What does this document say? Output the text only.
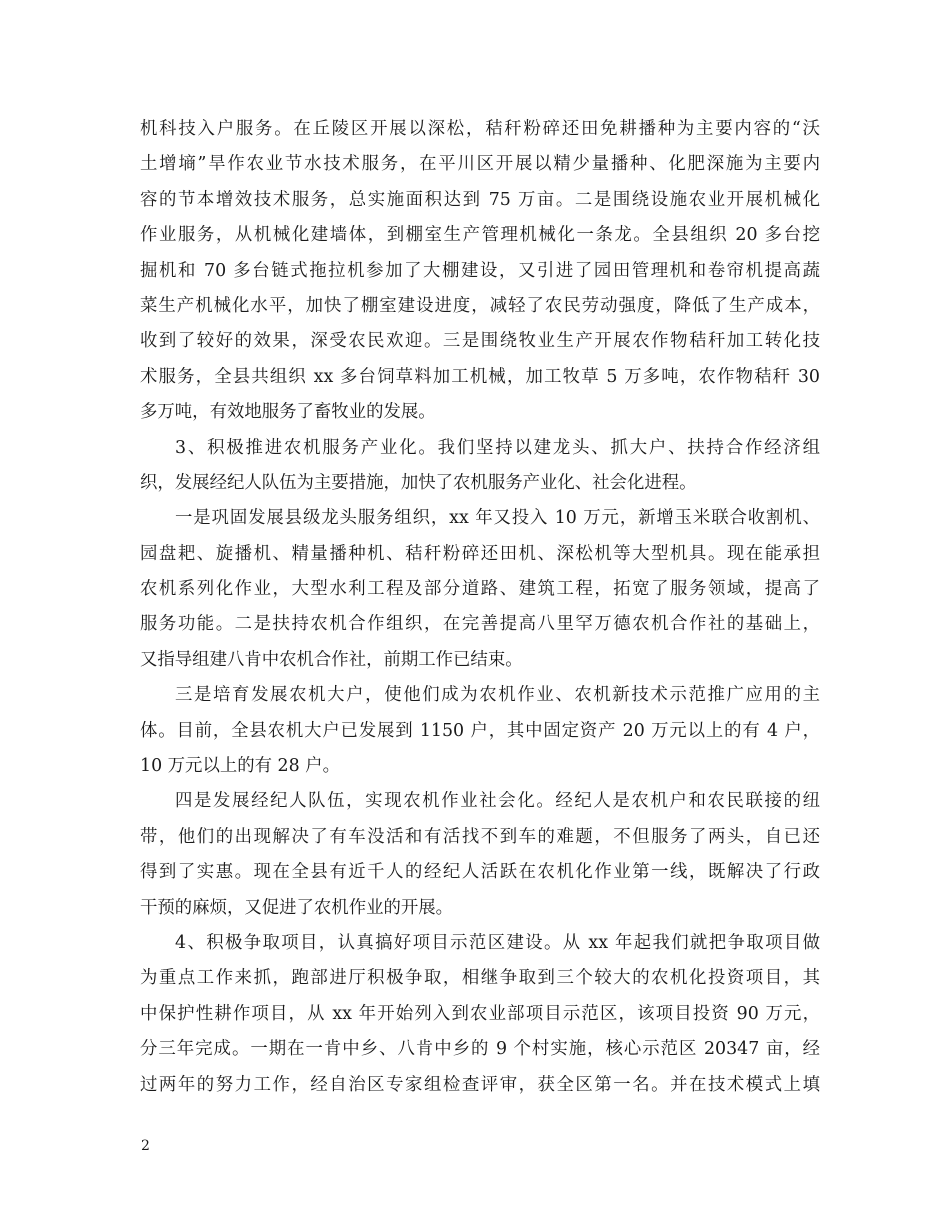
机科技入户服务。在丘陵区开展以深松，秸秆粉碎还田免耕播种为主要内容的“沃
土增墒”旱作农业节水技术服务，在平川区开展以精少量播种、化肥深施为主要内
容的节本增效技术服务，总实施面积达到 75 万亩。二是围绕设施农业开展机械化
作业服务，从机械化建墙体，到棚室生产管理机械化一条龙。全县组织 20 多台挖
掘机和 70 多台链式拖拉机参加了大棚建设，又引进了园田管理机和卷帘机提高蔬
菜生产机械化水平，加快了棚室建设进度，减轻了农民劳动强度，降低了生产成本，
收到了较好的效果，深受农民欢迎。三是围绕牧业生产开展农作物秸秆加工转化技
术服务，全县共组织 xx 多台饲草料加工机械，加工牧草 5 万多吨，农作物秸秆 30
多万吨，有效地服务了畜牧业的发展。
3、积极推进农机服务产业化。我们坚持以建龙头、抓大户、扶持合作经济组
织，发展经纪人队伍为主要措施，加快了农机服务产业化、社会化进程。
一是巩固发展县级龙头服务组织，xx 年又投入 10 万元，新增玉米联合收割机、
园盘耙、旋播机、精量播种机、秸秆粉碎还田机、深松机等大型机具。现在能承担
农机系列化作业，大型水利工程及部分道路、建筑工程，拓宽了服务领域，提高了
服务功能。二是扶持农机合作组织，在完善提高八里罕万德农机合作社的基础上，
又指导组建八肯中农机合作社，前期工作已结束。
三是培育发展农机大户，使他们成为农机作业、农机新技术示范推广应用的主
体。目前，全县农机大户已发展到 1150 户，其中固定资产 20 万元以上的有 4 户，
10 万元以上的有 28 户。
四是发展经纪人队伍，实现农机作业社会化。经纪人是农机户和农民联接的纽
带，他们的出现解决了有车没活和有活找不到车的难题，不但服务了两头，自已还
得到了实惠。现在全县有近千人的经纪人活跃在农机化作业第一线，既解决了行政
干预的麻烦，又促进了农机作业的开展。
4、积极争取项目，认真搞好项目示范区建设。从 xx 年起我们就把争取项目做
为重点工作来抓，跑部进厅积极争取，相继争取到三个较大的农机化投资项目，其
中保护性耕作项目，从 xx 年开始列入到农业部项目示范区，该项目投资 90 万元，
分三年完成。一期在一肯中乡、八肯中乡的 9 个村实施，核心示范区 20347 亩，经
过两年的努力工作，经自治区专家组检查评审，获全区第一名。并在技术模式上填
2
